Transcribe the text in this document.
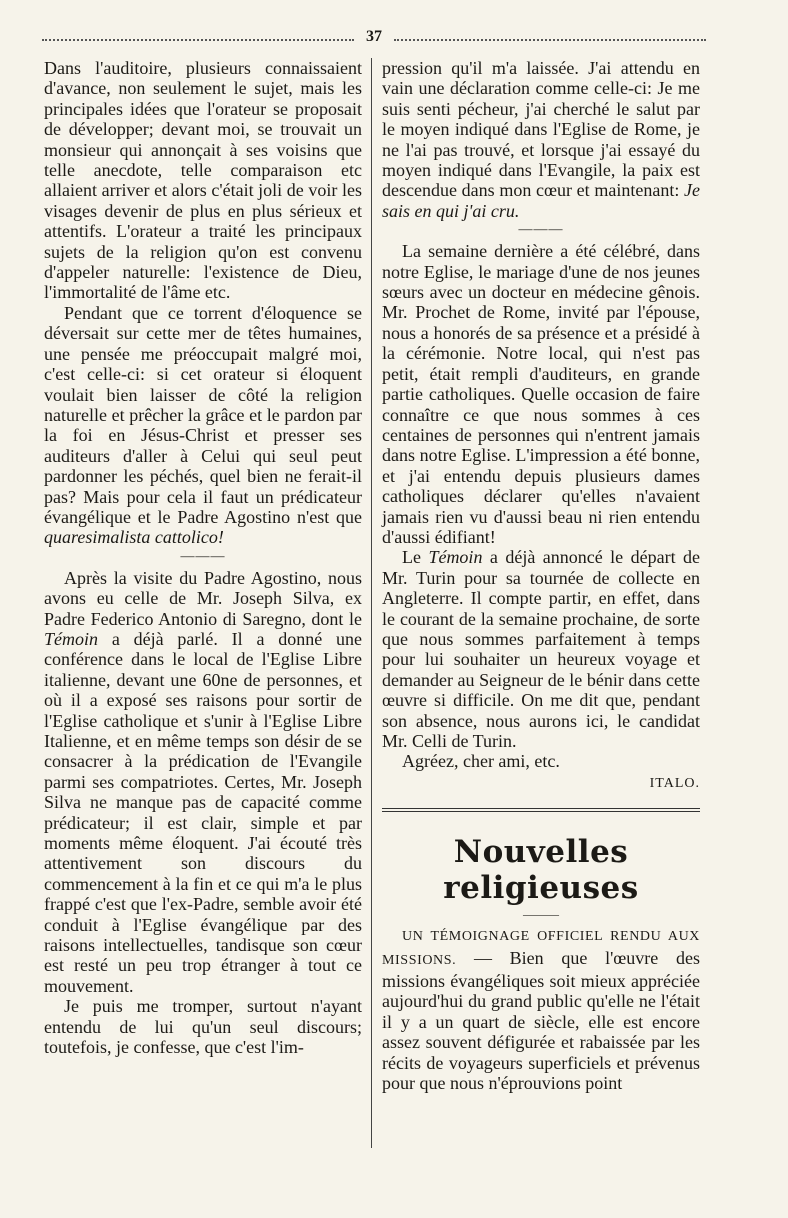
37

Dans l'auditoire, plusieurs connaissaient d'avance, non seulement le sujet, mais les principales idées que l'orateur se proposait de développer; devant moi, se trouvait un monsieur qui annonçait à ses voisins que telle anecdote, telle comparaison etc allaient arriver et alors c'était joli de voir les visages devenir de plus en plus sérieux et attentifs. L'orateur a traité les principaux sujets de la religion qu'on est convenu d'appeler naturelle: l'existence de Dieu, l'immortalité de l'âme etc.

Pendant que ce torrent d'éloquence se déversait sur cette mer de têtes humaines, une pensée me préoccupait malgré moi, c'est celle-ci: si cet orateur si éloquent voulait bien laisser de côté la religion naturelle et prêcher la grâce et le pardon par la foi en Jésus-Christ et presser ses auditeurs d'aller à Celui qui seul peut pardonner les péchés, quel bien ne ferait-il pas? Mais pour cela il faut un prédicateur évangélique et le Padre Agostino n'est que quaresimalista cattolico!

———

Après la visite du Padre Agostino, nous avons eu celle de Mr. Joseph Silva, ex Padre Federico Antonio di Saregno, dont le Témoin a déjà parlé. Il a donné une conférence dans le local de l'Eglise Libre italienne, devant une 60ne de personnes, et où il a exposé ses raisons pour sortir de l'Eglise catholique et s'unir à l'Eglise Libre Italienne, et en même temps son désir de se consacrer à la prédication de l'Evangile parmi ses compatriotes. Certes, Mr. Joseph Silva ne manque pas de capacité comme prédicateur; il est clair, simple et par moments même éloquent. J'ai écouté très attentivement son discours du commencement à la fin et ce qui m'a le plus frappé c'est que l'ex-Padre, semble avoir été conduit à l'Eglise évangélique par des raisons intellectuelles, tandisque son cœur est resté un peu trop étranger à tout ce mouvement.

Je puis me tromper, surtout n'ayant entendu de lui qu'un seul discours; toutefois, je confesse, que c'est l'im-

pression qu'il m'a laissée. J'ai attendu en vain une déclaration comme celle-ci: Je me suis senti pécheur, j'ai cherché le salut par le moyen indiqué dans l'Eglise de Rome, je ne l'ai pas trouvé, et lorsque j'ai essayé du moyen indiqué dans l'Evangile, la paix est descendue dans mon cœur et maintenant: Je sais en qui j'ai cru.

———

La semaine dernière a été célébré, dans notre Eglise, le mariage d'une de nos jeunes sœurs avec un docteur en médecine gênois. Mr. Prochet de Rome, invité par l'épouse, nous a honorés de sa présence et a présidé à la cérémonie. Notre local, qui n'est pas petit, était rempli d'auditeurs, en grande partie catholiques. Quelle occasion de faire connaître ce que nous sommes à ces centaines de personnes qui n'entrent jamais dans notre Eglise. L'impression a été bonne, et j'ai entendu depuis plusieurs dames catholiques déclarer qu'elles n'avaient jamais rien vu d'aussi beau ni rien entendu d'aussi édifiant!

Le Témoin a déjà annoncé le départ de Mr. Turin pour sa tournée de collecte en Angleterre. Il compte partir, en effet, dans le courant de la semaine prochaine, de sorte que nous sommes parfaitement à temps pour lui souhaiter un heureux voyage et demander au Seigneur de le bénir dans cette œuvre si difficile. On me dit que, pendant son absence, nous aurons ici, le candidat Mr. Celli de Turin.

Agréez, cher ami, etc.

ITALO.
Nouvelles religieuses
———

UN TÉMOIGNAGE OFFICIEL RENDU AUX MISSIONS. — Bien que l'œuvre des missions évangéliques soit mieux appréciée aujourd'hui du grand public qu'elle ne l'était il y a un quart de siècle, elle est encore assez souvent défigurée et rabaissée par les récits de voyageurs superficiels et prévenus pour que nous n'éprouvions point
